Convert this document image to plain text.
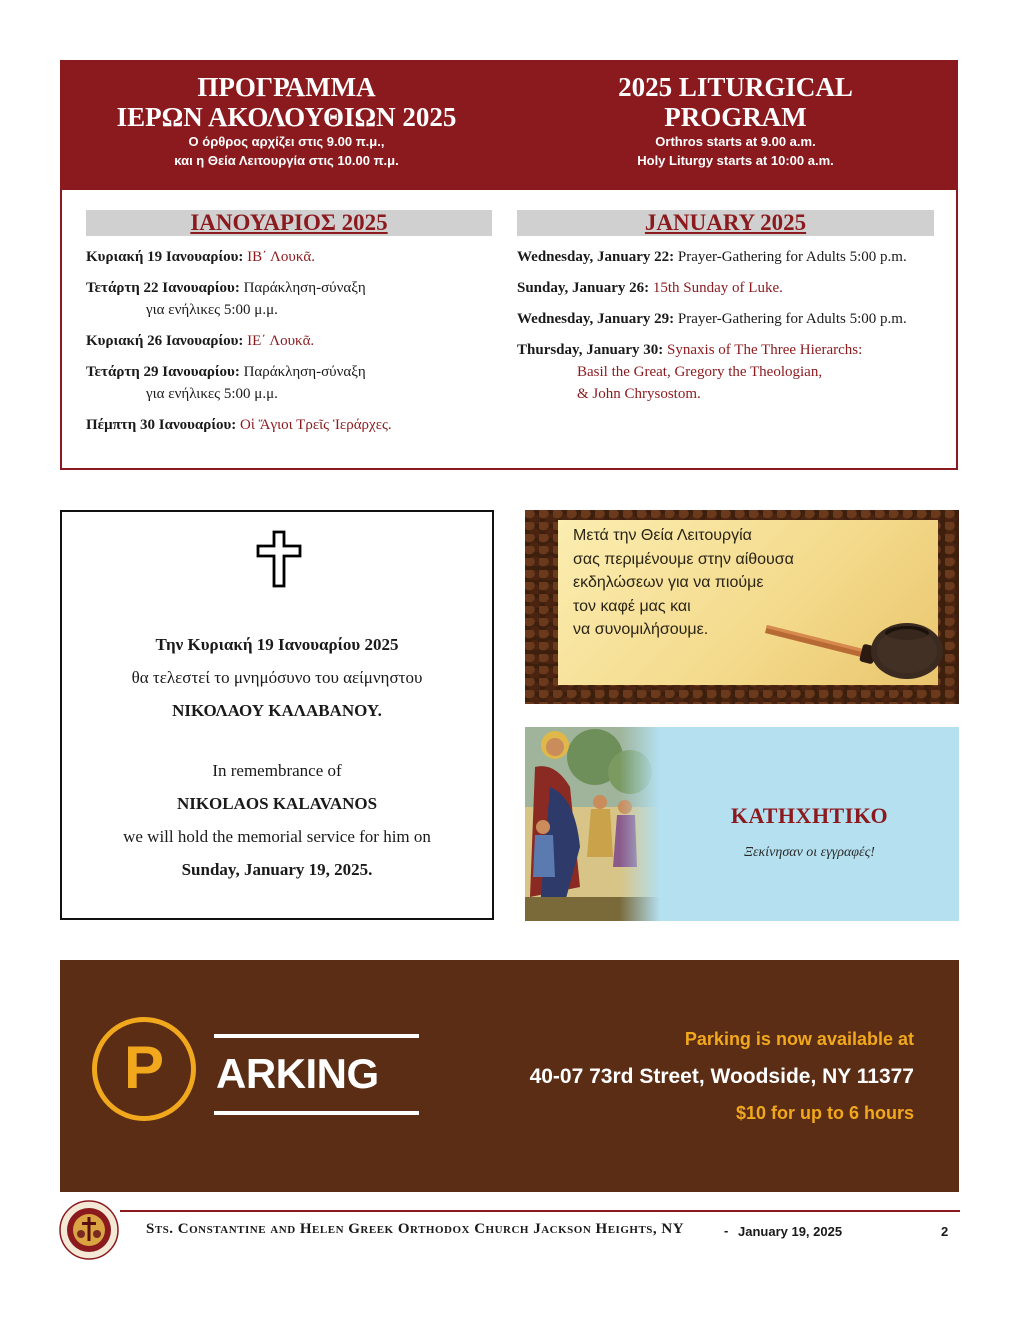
ΠΡΟΓΡΑΜΜΑ
ΙΕΡΩΝ ΑΚΟΛΟΥΘΙΩΝ 2025
Ο όρθρος αρχίζει στις 9.00 π.μ.,
και η Θεία Λειτουργία στις 10.00 π.μ.
2025 LITURGICAL
PROGRAM
Orthros starts at 9.00 a.m.
Holy Liturgy starts at 10:00 a.m.
ΙΑΝΟΥΑΡΙΟΣ 2025	JANUARY 2025
Κυριακή 19 Ιανουαρίου: ΙΒ΄ Λουκᾶ.
Τετάρτη 22 Ιανουαρίου: Παράκληση-σύναξη
για ενήλικες 5:00 μ.μ.
Κυριακή 26 Ιανουαρίου: ΙΕ΄ Λουκᾶ.
Τετάρτη 29 Ιανουαρίου: Παράκληση-σύναξη
για ενήλικες 5:00 μ.μ.
Πέμπτη 30 Ιανουαρίου: Οἱ Ἅγιοι Τρεῖς Ἱεράρχες.
Wednesday, January 22: Prayer-Gathering for Adults 5:00 p.m.
Sunday, January 26: 15th Sunday of Luke.
Wednesday, January 29: Prayer-Gathering for Adults 5:00 p.m.
Thursday, January 30: Synaxis of The Three Hierarchs:
Basil the Great, Gregory the Theologian,
& John Chrysostom.
Την Κυριακή 19 Ιανουαρίου 2025
θα τελεστεί το μνημόσυνο του αείμνηστου
ΝΙΚΟΛΑΟΥ ΚΑΛΑΒΑΝΟΥ.
In remembrance of
NIKOLAOS KALAVANOS
we will hold the memorial service for him on
Sunday, January 19, 2025.
Μετά την Θεία Λειτουργία
σας περιμένουμε στην αίθουσα
εκδηλώσεων για να πιούμε
τον καφέ μας και
να συνομιλήσουμε.
ΚΑΤΗΧΗΤΙΚΟ
Ξεκίνησαν οι εγγραφές!
P	ARKING
Parking is now available at
40-07 73rd Street, Woodside, NY 11377
$10 for up to 6 hours
Sts. Constantine and Helen Greek Orthodox Church Jackson Heights, NY	- January 19, 2025	2
